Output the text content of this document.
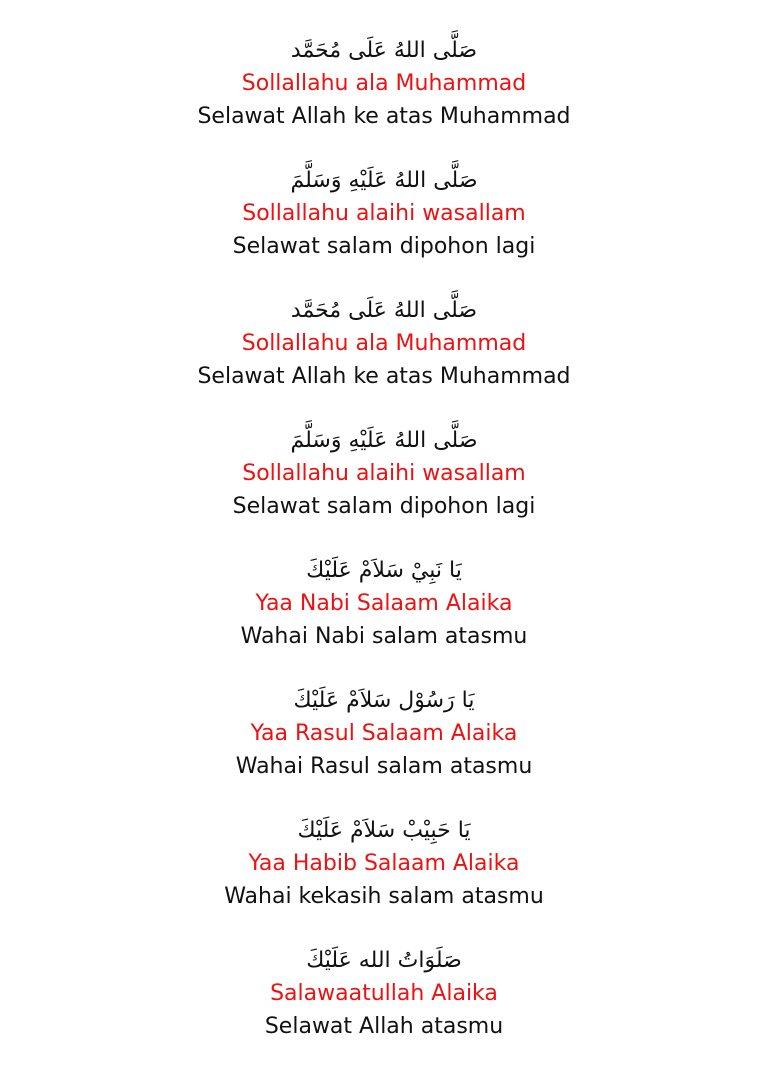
صَلَّى اللهُ عَلَى مُحَمَّد
Sollallahu ala Muhammad
Selawat Allah ke atas Muhammad
صَلَّى اللهُ عَلَيْهِ وَسَلَّمَ
Sollallahu alaihi wasallam
Selawat salam dipohon lagi
صَلَّى اللهُ عَلَى مُحَمَّد
Sollallahu ala Muhammad
Selawat Allah ke atas Muhammad
صَلَّى اللهُ عَلَيْهِ وَسَلَّمَ
Sollallahu alaihi wasallam
Selawat salam dipohon lagi
يَا نَبِيْ سَلاَمْ عَلَيْكَ
Yaa Nabi Salaam Alaika
Wahai Nabi salam atasmu
يَا رَسُوْل سَلاَمْ عَلَيْكَ
Yaa Rasul Salaam Alaika
Wahai Rasul salam atasmu
يَا حَبِيْبْ سَلاَمْ عَلَيْكَ
Yaa Habib Salaam Alaika
Wahai kekasih salam atasmu
صَلَوَاتُ الله عَلَيْكَ
Salawaatullah Alaika
Selawat Allah atasmu
